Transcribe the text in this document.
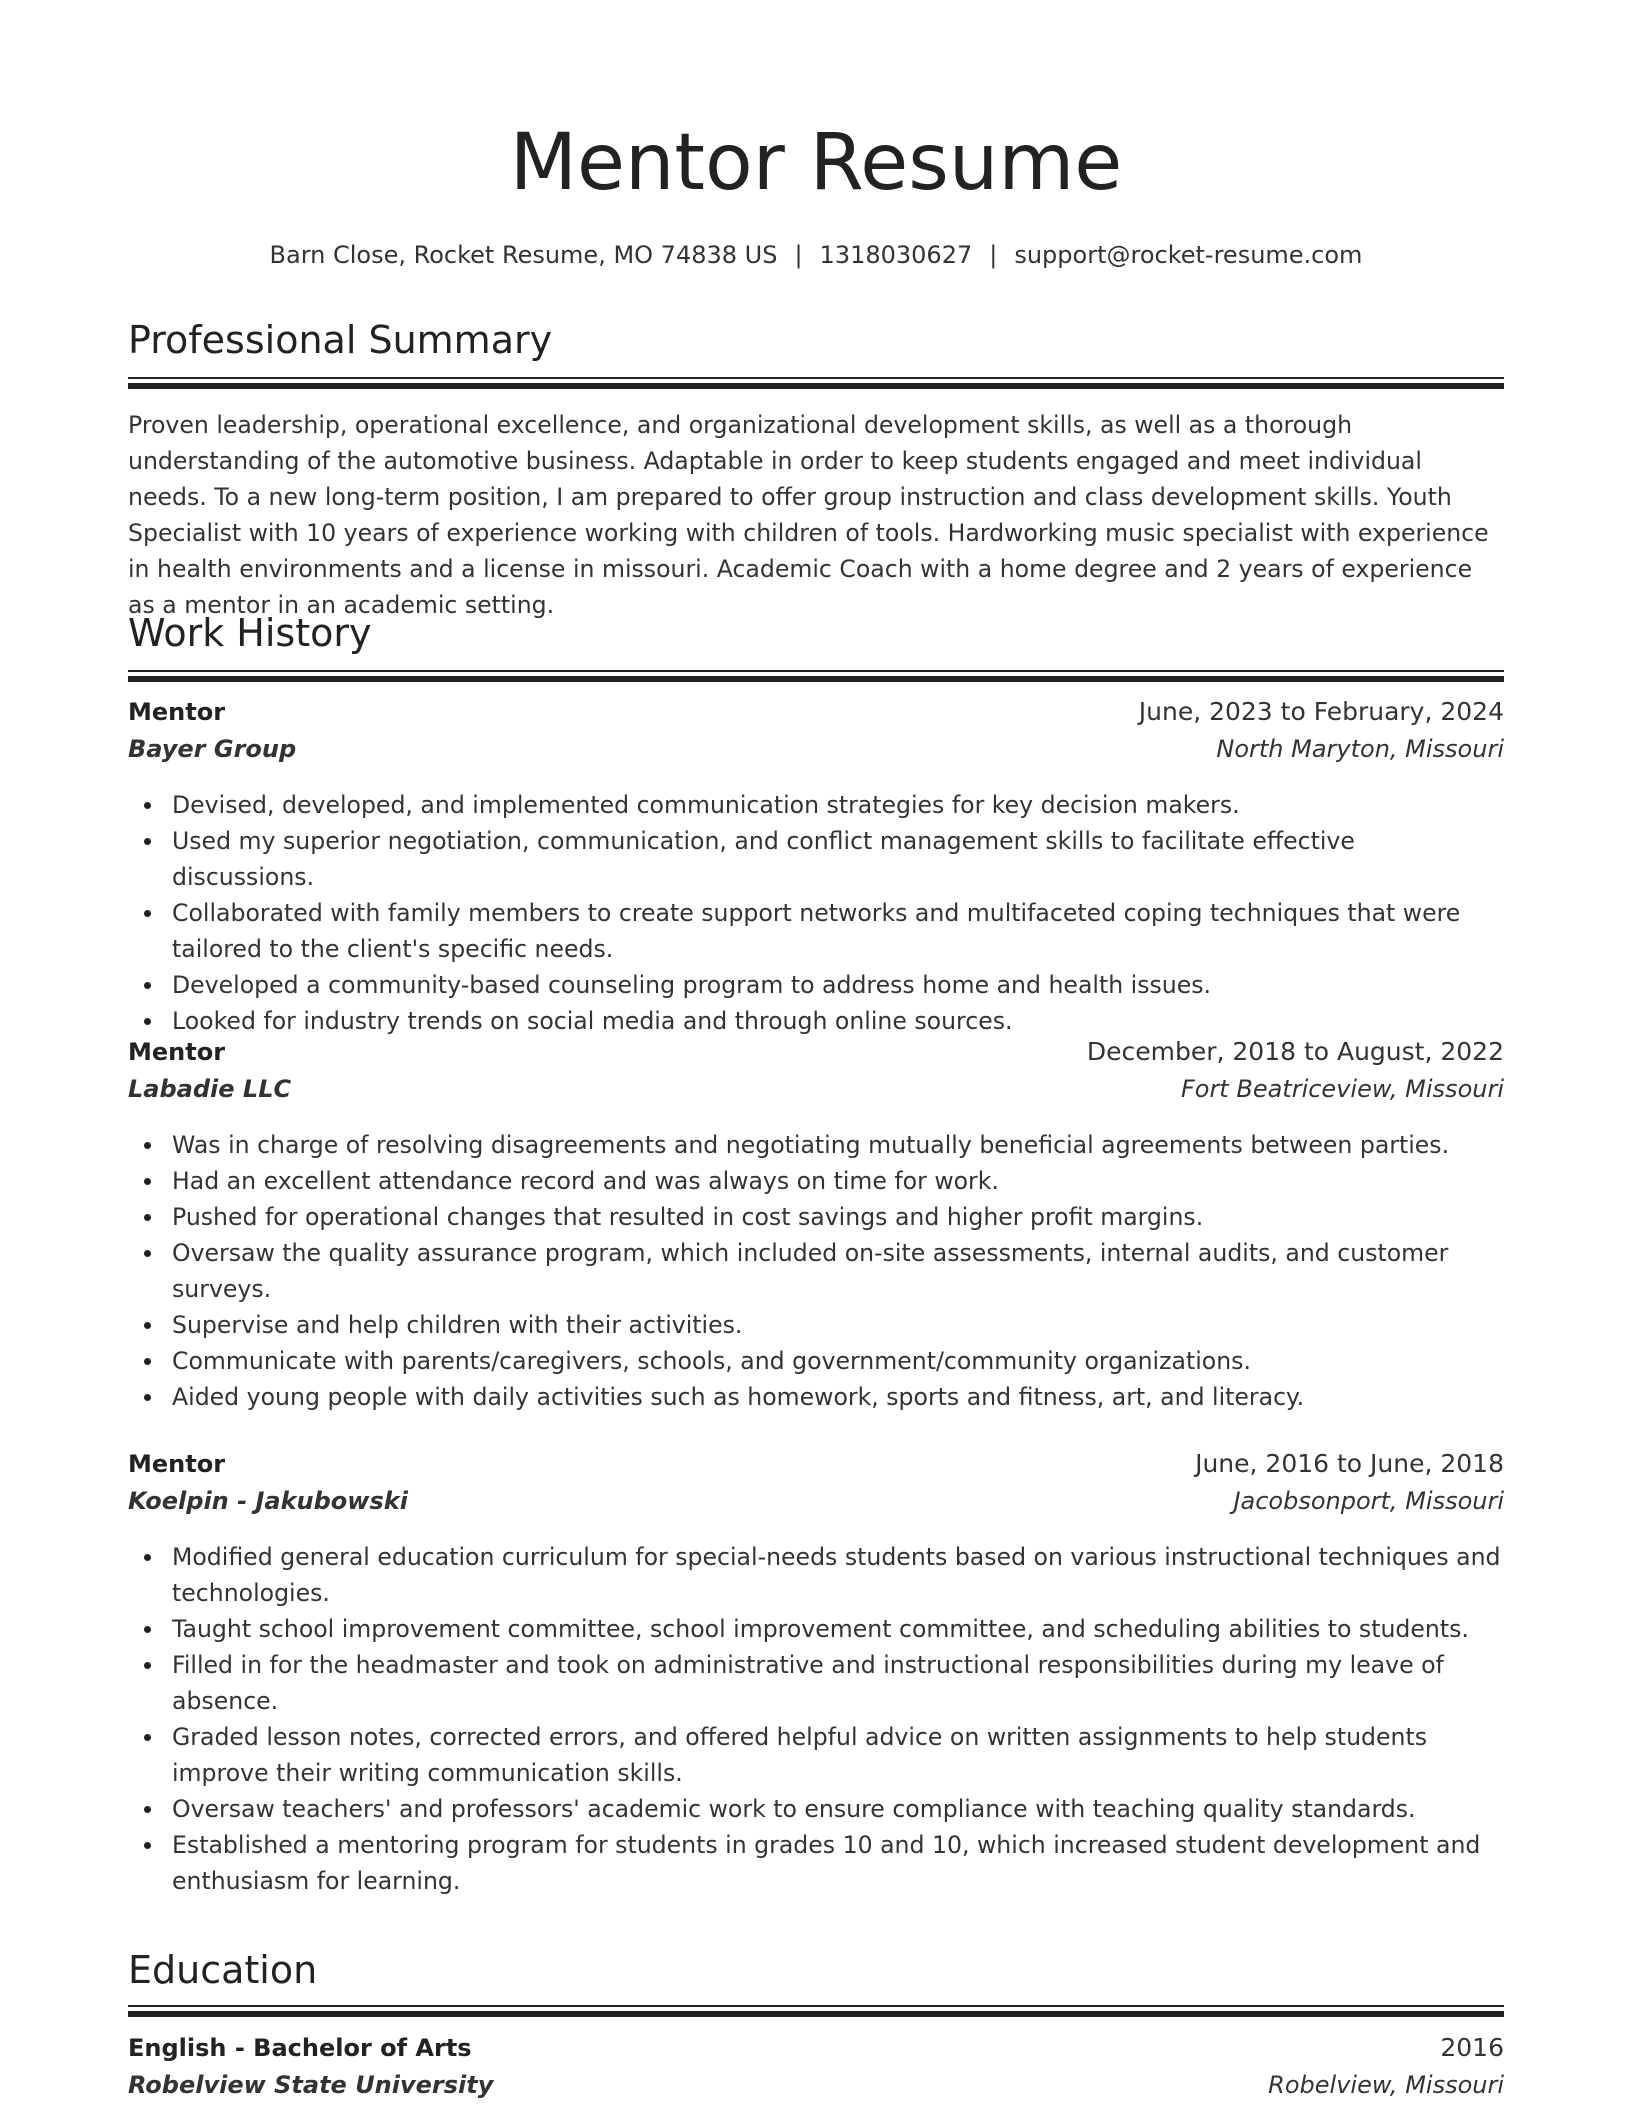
Mentor Resume
Barn Close, Rocket Resume, MO 74838 US | 1318030627 | support@rocket-resume.com
Professional Summary

Proven leadership, operational excellence, and organizational development skills, as well as a thorough understanding of the automotive business. Adaptable in order to keep students engaged and meet individual needs. To a new long-term position, I am prepared to offer group instruction and class development skills. Youth Specialist with 10 years of experience working with children of tools. Hardworking music specialist with experience in health environments and a license in missouri. Academic Coach with a home degree and 2 years of experience as a mentor in an academic setting.

Work History
Mentor	June, 2023 to February, 2024
Bayer Group	North Maryton, Missouri
Devised, developed, and implemented communication strategies for key decision makers.
Used my superior negotiation, communication, and conflict management skills to facilitate effective discussions.
Collaborated with family members to create support networks and multifaceted coping techniques that were tailored to the client's specific needs.
Developed a community-based counseling program to address home and health issues.
Looked for industry trends on social media and through online sources.
Mentor	December, 2018 to August, 2022
Labadie LLC	Fort Beatriceview, Missouri
Was in charge of resolving disagreements and negotiating mutually beneficial agreements between parties.
Had an excellent attendance record and was always on time for work.
Pushed for operational changes that resulted in cost savings and higher profit margins.
Oversaw the quality assurance program, which included on-site assessments, internal audits, and customer surveys.
Supervise and help children with their activities.
Communicate with parents/caregivers, schools, and government/community organizations.
Aided young people with daily activities such as homework, sports and fitness, art, and literacy.
Mentor	June, 2016 to June, 2018
Koelpin - Jakubowski	Jacobsonport, Missouri
Modified general education curriculum for special-needs students based on various instructional techniques and technologies.
Taught school improvement committee, school improvement committee, and scheduling abilities to students.
Filled in for the headmaster and took on administrative and instructional responsibilities during my leave of absence.
Graded lesson notes, corrected errors, and offered helpful advice on written assignments to help students improve their writing communication skills.
Oversaw teachers' and professors' academic work to ensure compliance with teaching quality standards.
Established a mentoring program for students in grades 10 and 10, which increased student development and enthusiasm for learning.
Education
English - Bachelor of Arts	2016
Robelview State University	Robelview, Missouri
